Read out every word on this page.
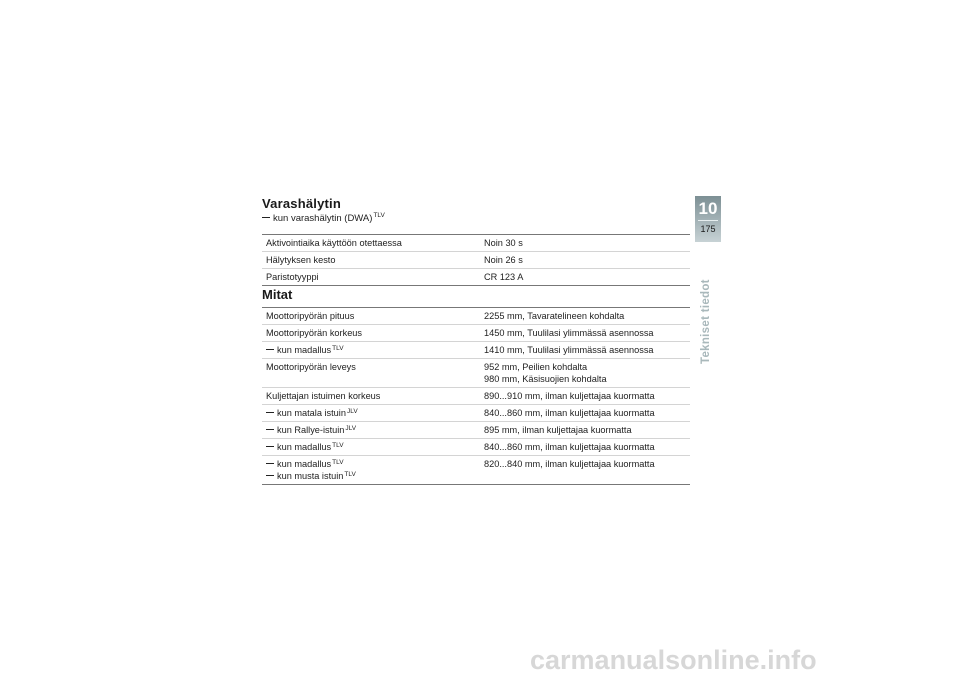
Varashälytin
kun varashälytin (DWA)$^{TLV}$
Aktivointiaika käyttöön otettaessa	Noin 30 s
Hälytyksen kesto	Noin 26 s
Paristotyyppi	CR 123 A
Mitat
Moottoripyörän pituus	2255 mm, Tavaratelineen kohdalta
Moottoripyörän korkeus	1450 mm, Tuulilasi ylimmässä asennossa
kun madallus$^{TLV}$	1410 mm, Tuulilasi ylimmässä asennossa
Moottoripyörän leveys	952 mm, Peilien kohdalta
980 mm, Käsisuojien kohdalta

Kuljettajan istuimen korkeus	890...910 mm, ilman kuljettajaa kuormatta
kun matala istuin$^{JLV}$	840...860 mm, ilman kuljettajaa kuormatta
kun Rallye-istuin$^{JLV}$	895 mm, ilman kuljettajaa kuormatta
kun madallus$^{TLV}$	840...860 mm, ilman kuljettajaa kuormatta

kun madallus$^{TLV}$
kun musta istuin$^{TLV}$	820...840 mm, ilman kuljettajaa kuormatta
10
175
Tekniset tiedot
carmanualsonline.info
